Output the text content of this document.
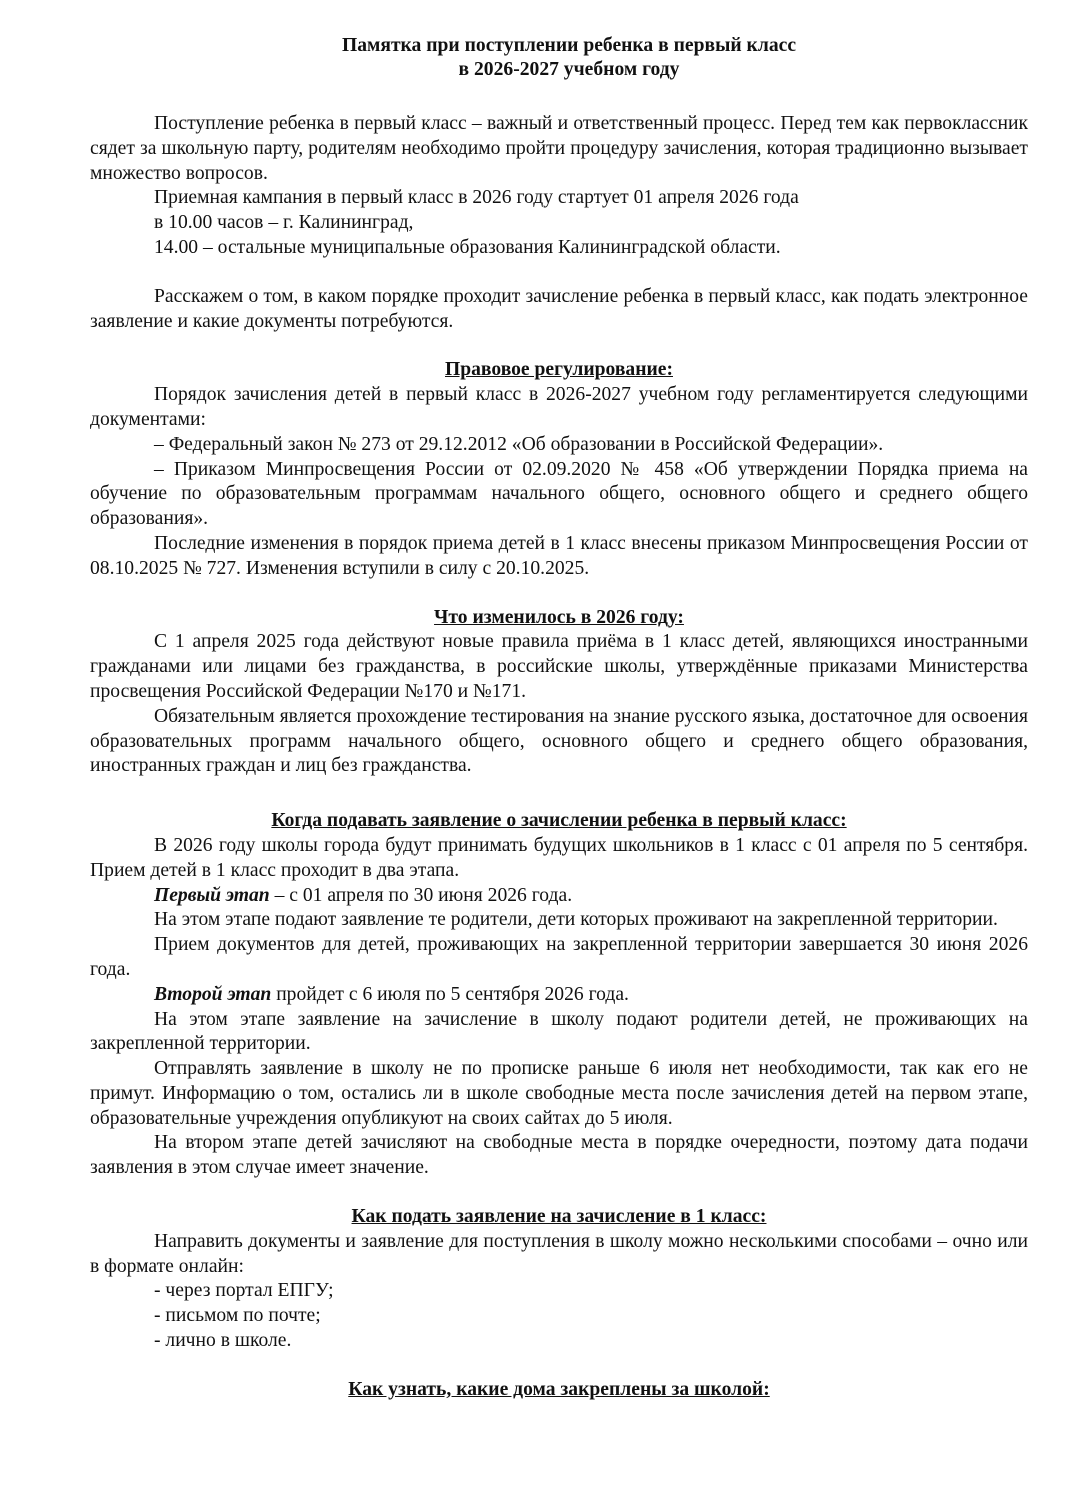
Памятка при поступлении ребенка в первый класс
в 2026-2027 учебном году

Поступление ребенка в первый класс – важный и ответственный процесс. Перед тем как первоклассник сядет за школьную парту, родителям необходимо пройти процедуру зачисления, которая традиционно вызывает множество вопросов.

Приемная кампания в первый класс в 2026 году стартует 01 апреля 2026 года

в 10.00 часов – г. Калининград,

14.00 – остальные муниципальные образования Калининградской области.

Расскажем о том, в каком порядке проходит зачисление ребенка в первый класс, как подать электронное заявление и какие документы потребуются.

Правовое регулирование:

Порядок зачисления детей в первый класс в 2026-2027 учебном году регламентируется следующими документами:

– Федеральный закон № 273 от 29.12.2012 «Об образовании в Российской Федерации».

– Приказом Минпросвещения России от 02.09.2020 № 458 «Об утверждении Порядка приема на обучение по образовательным программам начального общего, основного общего и среднего общего образования».

Последние изменения в порядок приема детей в 1 класс внесены приказом Минпросвещения России от 08.10.2025 № 727. Изменения вступили в силу с 20.10.2025.

Что изменилось в 2026 году:

С 1 апреля 2025 года действуют новые правила приёма в 1 класс детей, являющихся иностранными гражданами или лицами без гражданства, в российские школы, утверждённые приказами Министерства просвещения Российской Федерации №170 и №171.

Обязательным является прохождение тестирования на знание русского языка, достаточное для освоения образовательных программ начального общего, основного общего и среднего общего образования, иностранных граждан и лиц без гражданства.

Когда подавать заявление о зачислении ребенка в первый класс:

В 2026 году школы города будут принимать будущих школьников в 1 класс с 01 апреля по 5 сентября. Прием детей в 1 класс проходит в два этапа.

Первый этап – с 01 апреля по 30 июня 2026 года.

На этом этапе подают заявление те родители, дети которых проживают на закрепленной территории.

Прием документов для детей, проживающих на закрепленной территории завершается 30 июня 2026 года.

Второй этап пройдет с 6 июля по 5 сентября 2026 года.

На этом этапе заявление на зачисление в школу подают родители детей, не проживающих на закрепленной территории.

Отправлять заявление в школу не по прописке раньше 6 июля нет необходимости, так как его не примут. Информацию о том, остались ли в школе свободные места после зачисления детей на первом этапе, образовательные учреждения опубликуют на своих сайтах до 5 июля.

На втором этапе детей зачисляют на свободные места в порядке очередности, поэтому дата подачи заявления в этом случае имеет значение.

Как подать заявление на зачисление в 1 класс:

Направить документы и заявление для поступления в школу можно несколькими способами – очно или в формате онлайн:

- через портал ЕПГУ;
- письмом по почте;
- лично в школе.
Как узнать, какие дома закреплены за школой:
